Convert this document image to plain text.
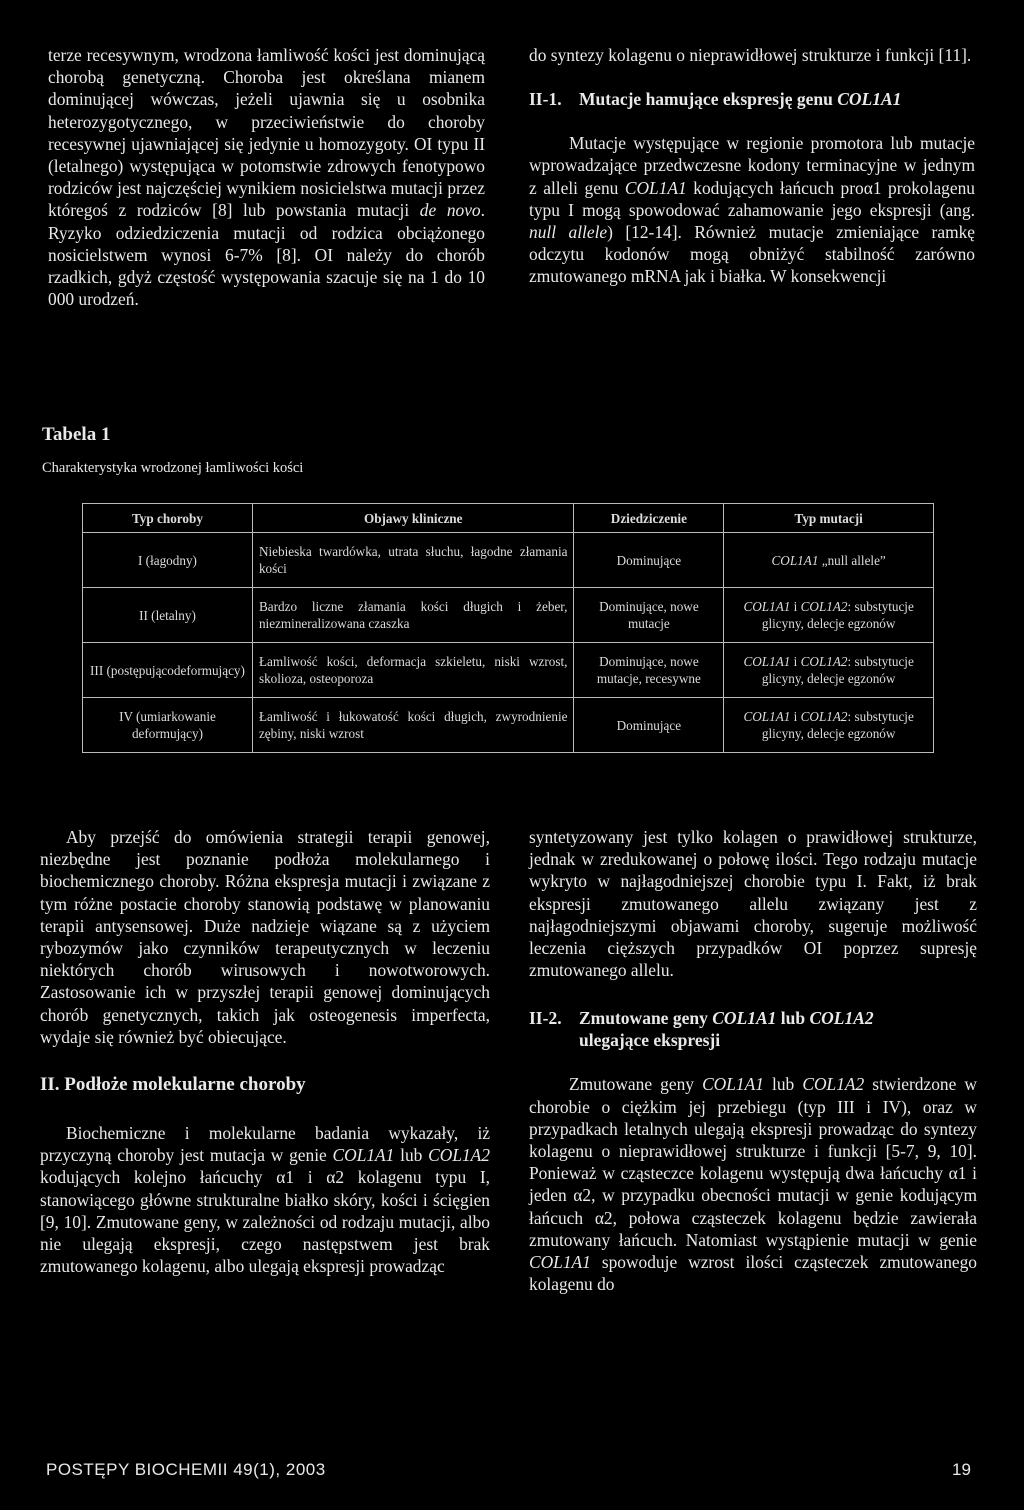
terze recesywnym, wrodzona łamliwość kości jest dominującą chorobą genetyczną. Choroba jest określana mianem dominującej wówczas, jeżeli ujawnia się u osobnika heterozygotycznego, w przeciwieństwie do choroby recesywnej ujawniającej się jedynie u homozygoty. OI typu II (letalnego) występująca w potomstwie zdrowych fenotypowo rodziców jest najczęściej wynikiem nosicielstwa mutacji przez któregoś z rodziców [8] lub powstania mutacji de novo. Ryzyko odziedziczenia mutacji od rodzica obciążonego nosicielstwem wynosi 6-7% [8]. OI należy do chorób rzadkich, gdyż częstość występowania szacuje się na 1 do 10 000 urodzeń.

do syntezy kolagenu o nieprawidłowej strukturze i funkcji [11].

II-1. Mutacje hamujące ekspresję genu COL1A1

Mutacje występujące w regionie promotora lub mutacje wprowadzające przedwczesne kodony terminacyjne w jednym z alleli genu COL1A1 kodujących łańcuch proα1 prokolagenu typu I mogą spowodować zahamowanie jego ekspresji (ang. null allele) [12-14]. Również mutacje zmieniające ramkę odczytu kodonów mogą obniżyć stabilność zarówno zmutowanego mRNA jak i białka. W konsekwencji

Tabela 1
Charakterystyka wrodzonej łamliwości kości
Typ choroby	Objawy kliniczne	Dziedziczenie	Typ mutacji
I (łagodny)	Niebieska twardówka, utrata słuchu, łagodne złamania kości	Dominujące	COL1A1 „null allele”
II (letalny)	Bardzo liczne złamania kości długich i żeber, niezmineralizowana czaszka	Dominujące, nowe mutacje	COL1A1 i COL1A2: substytucje glicyny, delecje egzonów
III (postępującodeformujący)	Łamliwość kości, deformacja szkieletu, niski wzrost, skolioza, osteoporoza	Dominujące, nowe mutacje, recesywne	COL1A1 i COL1A2: substytucje glicyny, delecje egzonów
IV (umiarkowanie deformujący)	Łamliwość i łukowatość kości długich, zwyrodnienie zębiny, niski wzrost	Dominujące	COL1A1 i COL1A2: substytucje glicyny, delecje egzonów

Aby przejść do omówienia strategii terapii genowej, niezbędne jest poznanie podłoża molekularnego i biochemicznego choroby. Różna ekspresja mutacji i związane z tym różne postacie choroby stanowią podstawę w planowaniu terapii antysensowej. Duże nadzieje wiązane są z użyciem rybozymów jako czynników terapeutycznych w leczeniu niektórych chorób wirusowych i nowotworowych. Zastosowanie ich w przyszłej terapii genowej dominujących chorób genetycznych, takich jak osteogenesis imperfecta, wydaje się również być obiecujące.

II. Podłoże molekularne choroby

Biochemiczne i molekularne badania wykazały, iż przyczyną choroby jest mutacja w genie COL1A1 lub COL1A2 kodujących kolejno łańcuchy α1 i α2 kolagenu typu I, stanowiącego główne strukturalne białko skóry, kości i ścięgien [9, 10]. Zmutowane geny, w zależności od rodzaju mutacji, albo nie ulegają ekspresji, czego następstwem jest brak zmutowanego kolagenu, albo ulegają ekspresji prowadząc

syntetyzowany jest tylko kolagen o prawidłowej strukturze, jednak w zredukowanej o połowę ilości. Tego rodzaju mutacje wykryto w najłagodniejszej chorobie typu I. Fakt, iż brak ekspresji zmutowanego allelu związany jest z najłagodniejszymi objawami choroby, sugeruje możliwość leczenia cięższych przypadków OI poprzez supresję zmutowanego allelu.

II-2. Zmutowane geny COL1A1 lub COL1A2
ulegające ekspresji

Zmutowane geny COL1A1 lub COL1A2 stwierdzone w chorobie o ciężkim jej przebiegu (typ III i IV), oraz w przypadkach letalnych ulegają ekspresji prowadząc do syntezy kolagenu o nieprawidłowej strukturze i funkcji [5-7, 9, 10]. Ponieważ w cząsteczce kolagenu występują dwa łańcuchy α1 i jeden α2, w przypadku obecności mutacji w genie kodującym łańcuch α2, połowa cząsteczek kolagenu będzie zawierała zmutowany łańcuch. Natomiast wystąpienie mutacji w genie COL1A1 spowoduje wzrost ilości cząsteczek zmutowanego kolagenu do

POSTĘPY BIOCHEMII 49(1), 2003	19
